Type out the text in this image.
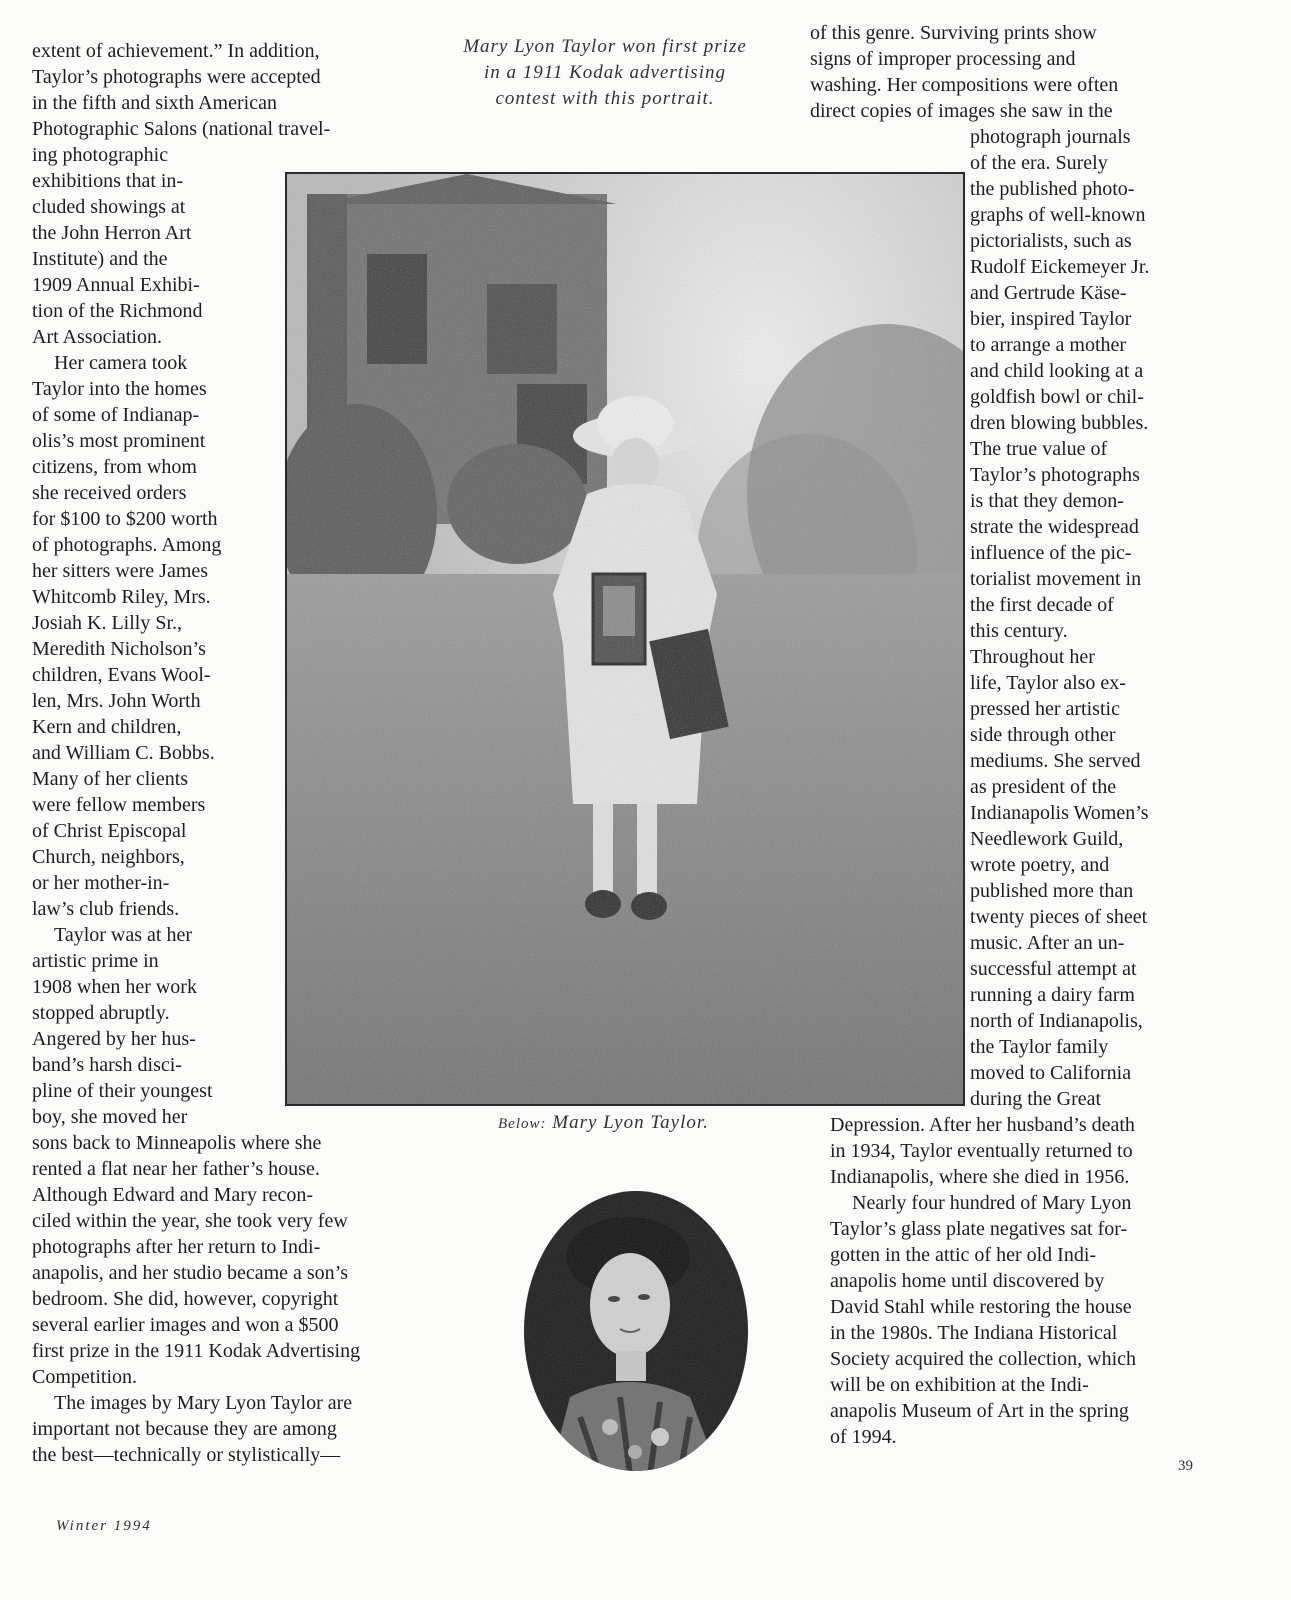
Mary Lyon Taylor won first prize
in a 1911 Kodak advertising
contest with this portrait.
extent of achievement.” In addition,
Taylor’s photographs were accepted
in the fifth and sixth American
Photographic Salons (national travel-
ing photographic
exhibitions that in-
cluded showings at
the John Herron Art
Institute) and the
1909 Annual Exhibi-
tion of the Richmond
Art Association.
Her camera took
Taylor into the homes
of some of Indianap-
olis’s most prominent
citizens, from whom
she received orders
for $100 to $200 worth
of photographs. Among
her sitters were James
Whitcomb Riley, Mrs.
Josiah K. Lilly Sr.,
Meredith Nicholson’s
children, Evans Wool-
len, Mrs. John Worth
Kern and children,
and William C. Bobbs.
Many of her clients
were fellow members
of Christ Episcopal
Church, neighbors,
or her mother-in-
law’s club friends.
Taylor was at her
artistic prime in
1908 when her work
stopped abruptly.
Angered by her hus-
band’s harsh disci-
pline of their youngest
boy, she moved her
sons back to Minneapolis where she
rented a flat near her father’s house.
Although Edward and Mary recon-
ciled within the year, she took very few
photographs after her return to Indi-
anapolis, and her studio became a son’s
bedroom. She did, however, copyright
several earlier images and won a $500
first prize in the 1911 Kodak Advertising
Competition.
The images by Mary Lyon Taylor are
important not because they are among
the best—technically or stylistically—
of this genre. Surviving prints show
signs of improper processing and
washing. Her compositions were often
direct copies of images she saw in the
photograph journals
of the era. Surely
the published photo-
graphs of well-known
pictorialists, such as
Rudolf Eickemeyer Jr.
and Gertrude Käse-
bier, inspired Taylor
to arrange a mother
and child looking at a
goldfish bowl or chil-
dren blowing bubbles.
The true value of
Taylor’s photographs
is that they demon-
strate the widespread
influence of the pic-
torialist movement in
the first decade of
this century.
Throughout her
life, Taylor also ex-
pressed her artistic
side through other
mediums. She served
as president of the
Indianapolis Women’s
Needlework Guild,
wrote poetry, and
published more than
twenty pieces of sheet
music. After an un-
successful attempt at
running a dairy farm
north of Indianapolis,
the Taylor family
moved to California
during the Great
Depression. After her husband’s death
in 1934, Taylor eventually returned to
Indianapolis, where she died in 1956.
Nearly four hundred of Mary Lyon
Taylor’s glass plate negatives sat for-
gotten in the attic of her old Indi-
anapolis home until discovered by
David Stahl while restoring the house
in the 1980s. The Indiana Historical
Society acquired the collection, which
will be on exhibition at the Indi-
anapolis Museum of Art in the spring
of 1994.
Below: Mary Lyon Taylor.
Winter 1994
39
